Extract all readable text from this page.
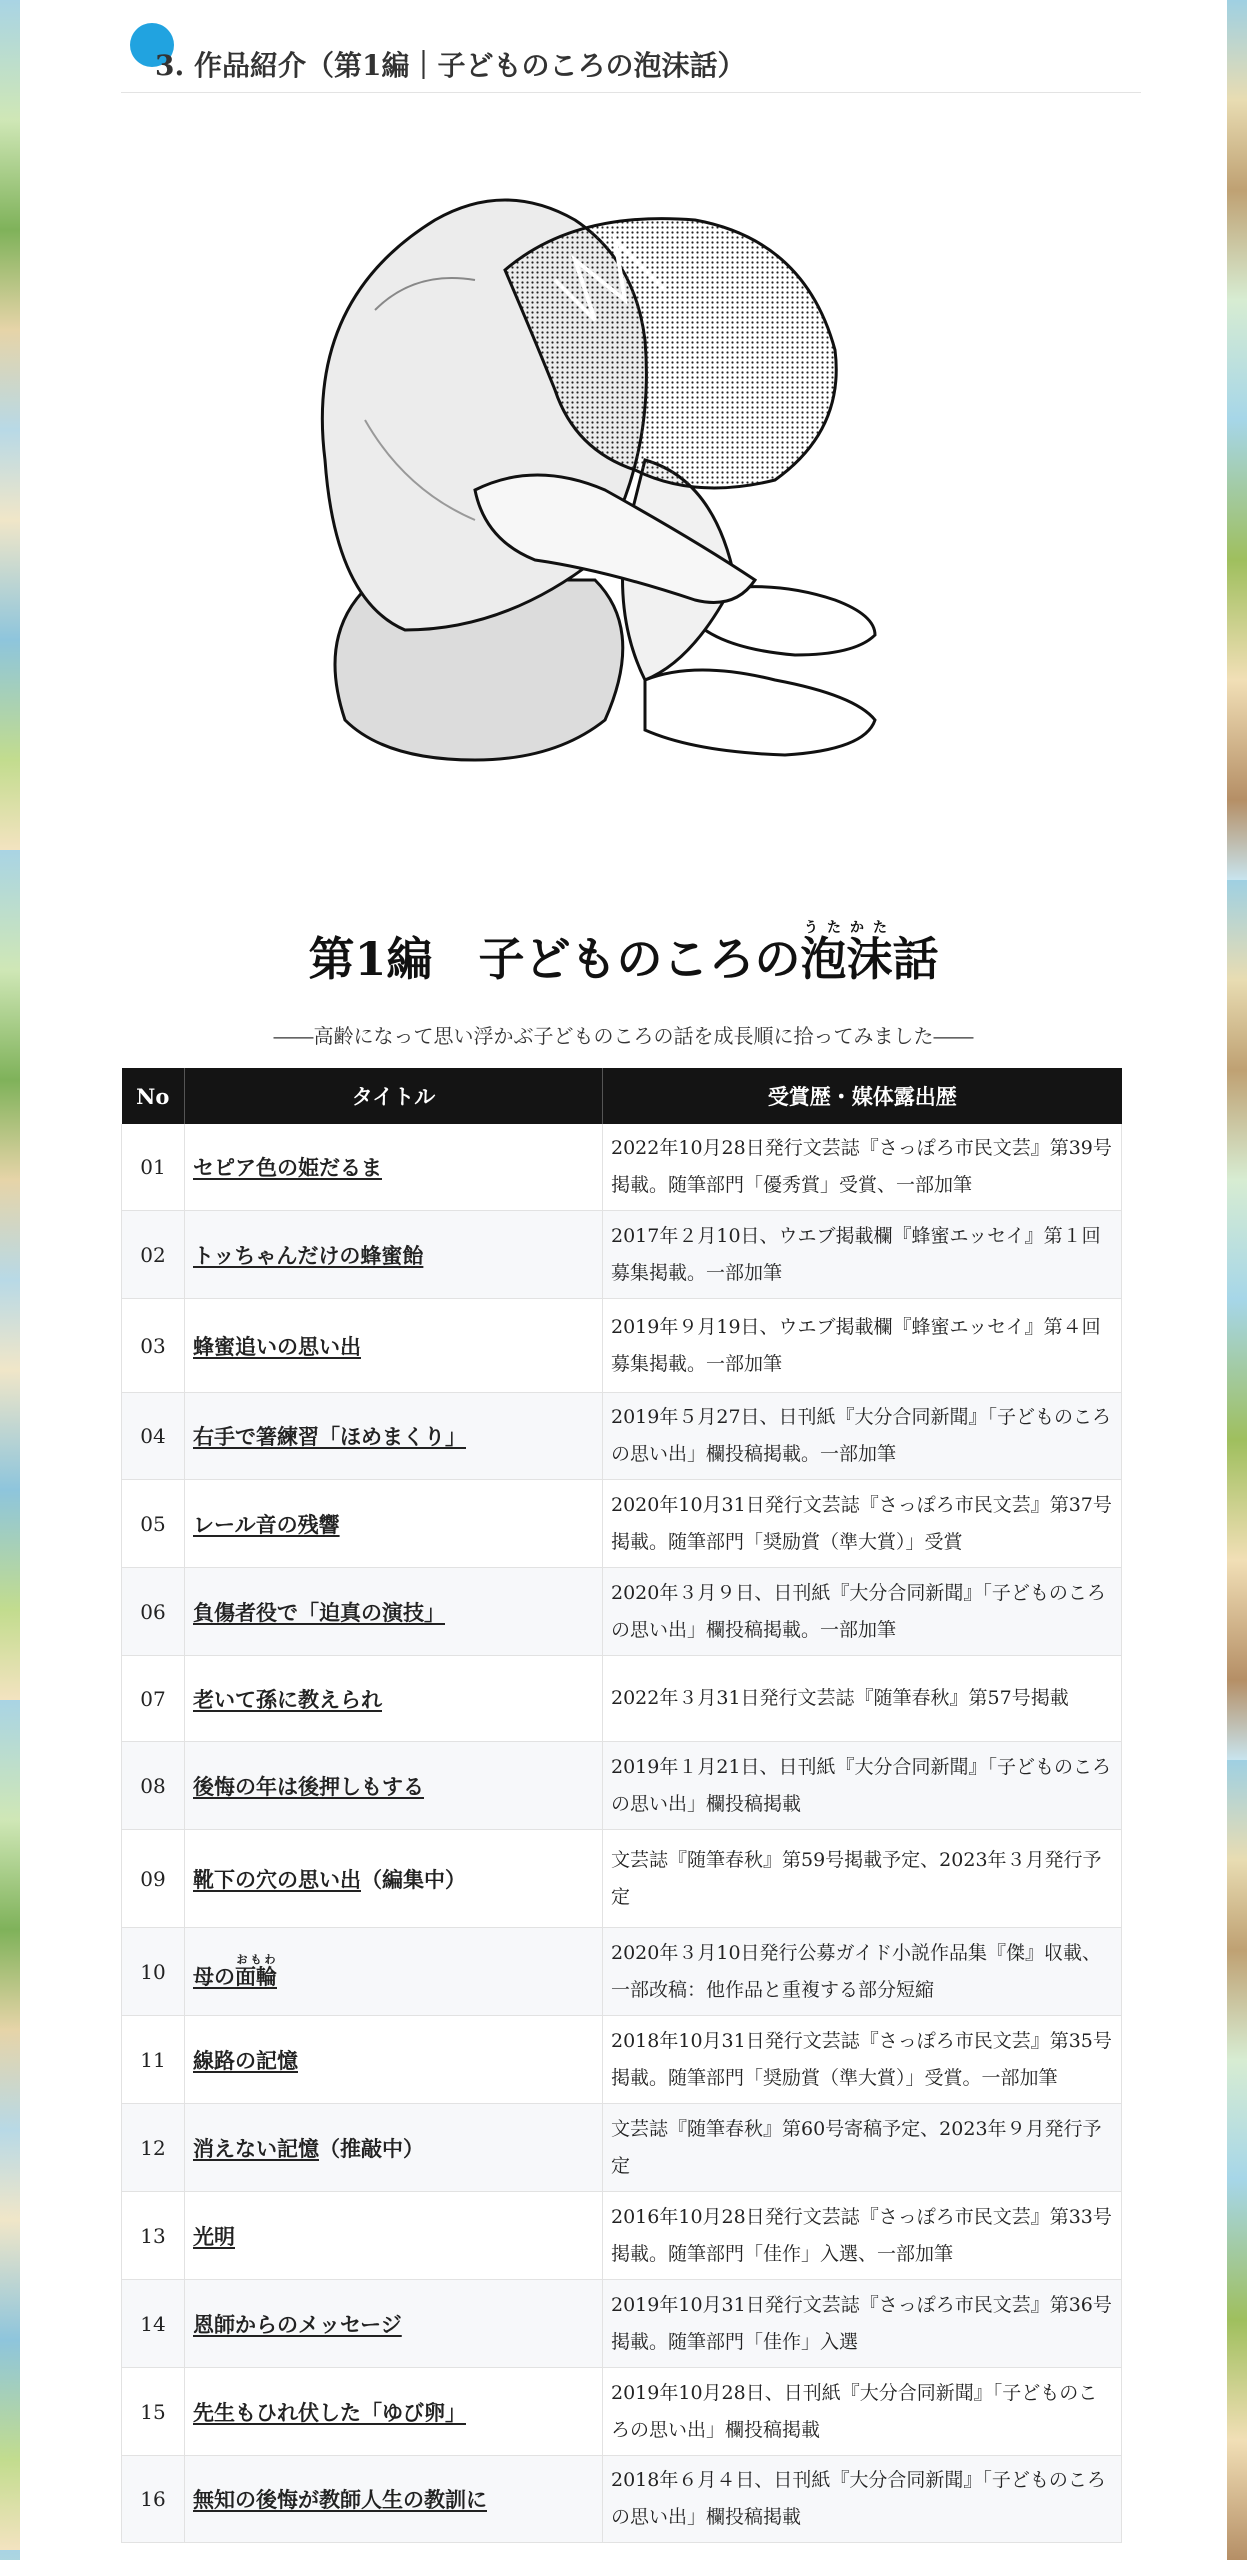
3. 作品紹介（第1編｜子どものころの泡沫話）
第1編　子どものころの泡沫うたかた話
――高齢になって思い浮かぶ子どものころの話を成長順に拾ってみました――
No	タイトル	受賞歴・媒体露出歴
01	セピア色の姫だるま	2022年10月28日発行文芸誌『さっぽろ市民文芸』第39号掲載。随筆部門「優秀賞」受賞、一部加筆
02	トッちゃんだけの蜂蜜飴	2017年２月10日、ウエブ掲載欄『蜂蜜エッセイ』第１回募集掲載。一部加筆
03	蜂蜜追いの思い出	2019年９月19日、ウエブ掲載欄『蜂蜜エッセイ』第４回募集掲載。一部加筆
04	右手で箸練習「ほめまくり」	2019年５月27日、日刊紙『大分合同新聞』「子どものころの思い出」欄投稿掲載。一部加筆
05	レール音の残響	2020年10月31日発行文芸誌『さっぽろ市民文芸』第37号掲載。随筆部門「奨励賞（準大賞）」受賞
06	負傷者役で「迫真の演技」	2020年３月９日、日刊紙『大分合同新聞』「子どものころの思い出」欄投稿掲載。一部加筆
07	老いて孫に教えられ	2022年３月31日発行文芸誌『随筆春秋』第57号掲載
08	後悔の年は後押しもする	2019年１月21日、日刊紙『大分合同新聞』「子どものころの思い出」欄投稿掲載
09	靴下の穴の思い出（編集中）	文芸誌『随筆春秋』第59号掲載予定、2023年３月発行予定
10	母の面輪おもわ	2020年３月10日発行公募ガイド小説作品集『傑』収載、一部改稿：他作品と重複する部分短縮
11	線路の記憶	2018年10月31日発行文芸誌『さっぽろ市民文芸』第35号掲載。随筆部門「奨励賞（準大賞）」受賞。一部加筆
12	消えない記憶（推敲中）	文芸誌『随筆春秋』第60号寄稿予定、2023年９月発行予定
13	光明	2016年10月28日発行文芸誌『さっぽろ市民文芸』第33号掲載。随筆部門「佳作」入選、一部加筆
14	恩師からのメッセージ	2019年10月31日発行文芸誌『さっぽろ市民文芸』第36号掲載。随筆部門「佳作」入選
15	先生もひれ伏した「ゆび卵」	2019年10月28日、日刊紙『大分合同新聞』「子どものころの思い出」欄投稿掲載
16	無知の後悔が教師人生の教訓に	2018年６月４日、日刊紙『大分合同新聞』「子どものころの思い出」欄投稿掲載
